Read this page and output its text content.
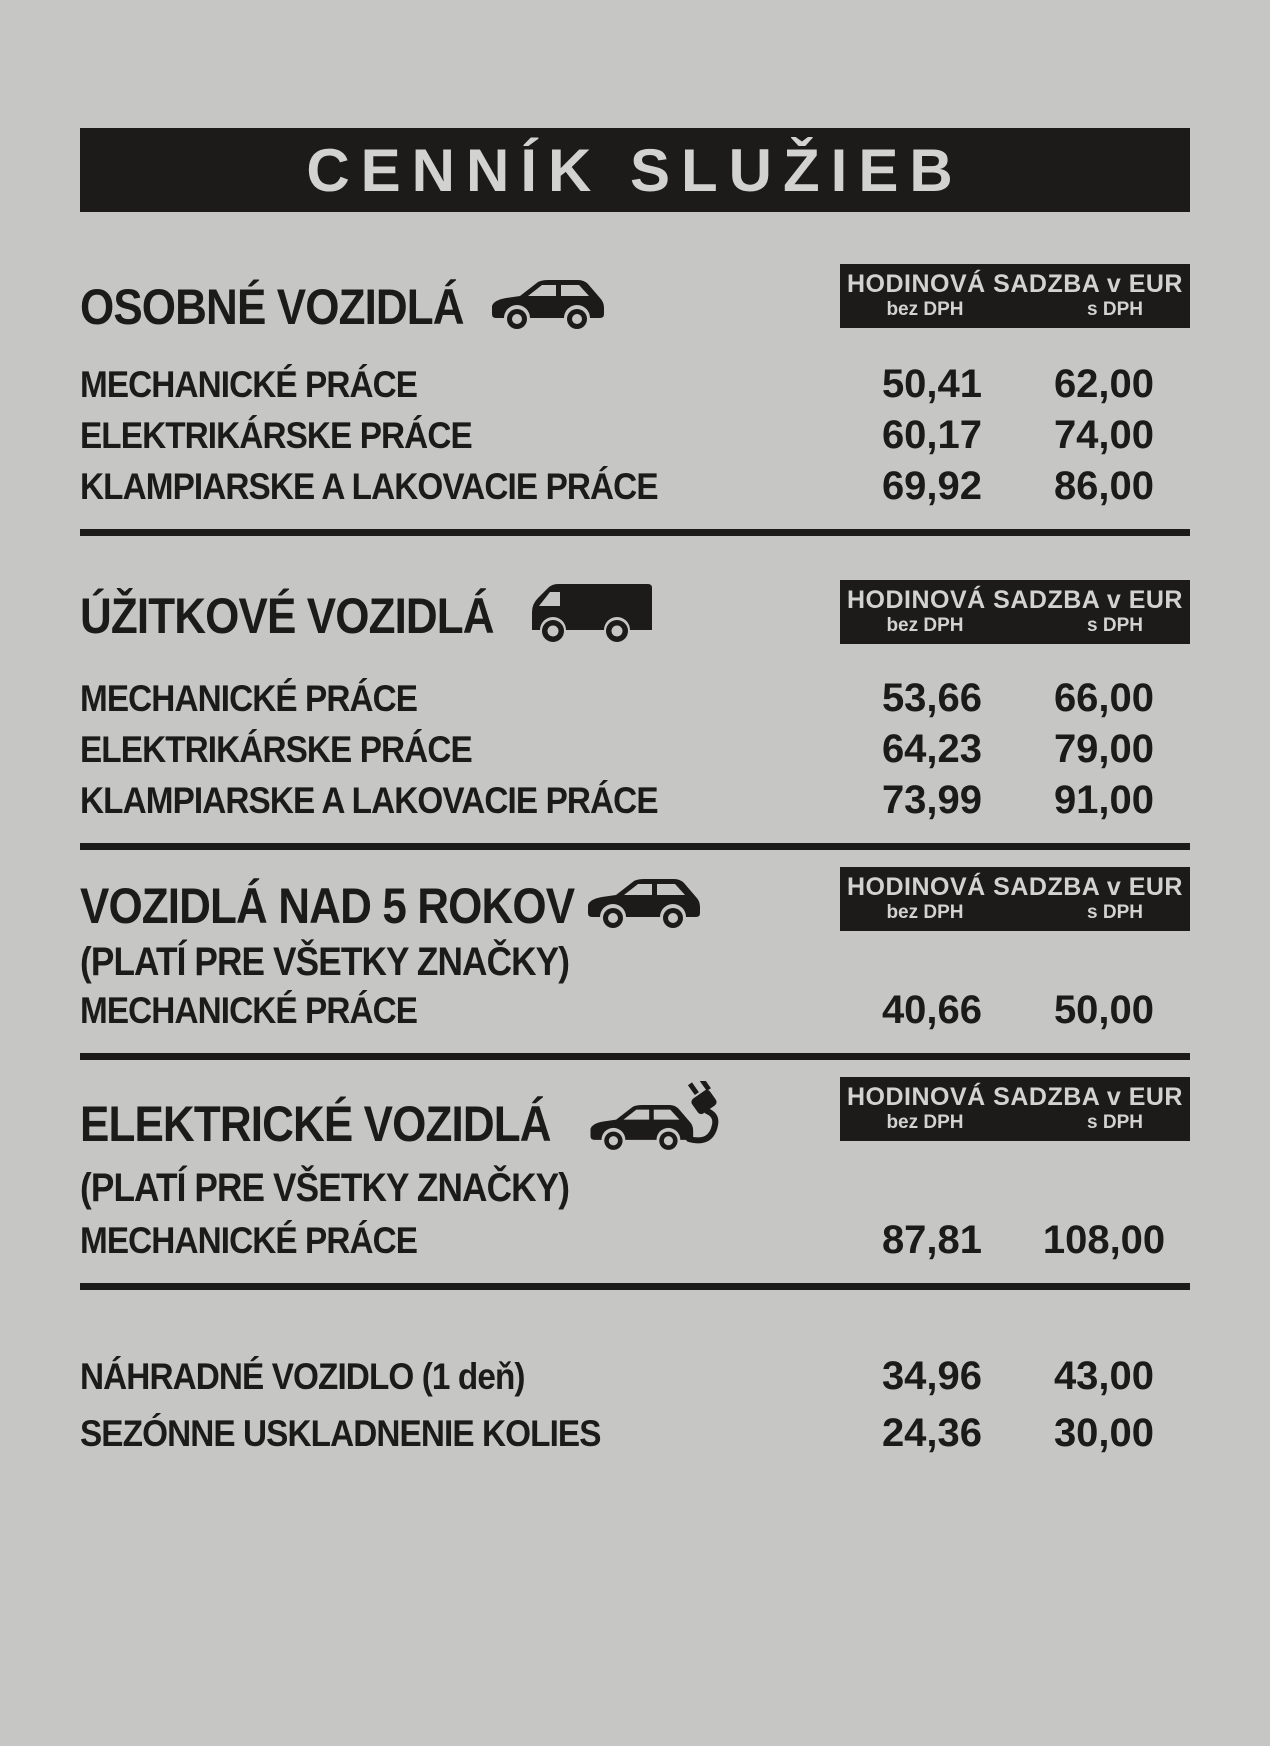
CENNÍK SLUŽIEB
OSOBNÉ VOZIDLÁ	HODINOVÁ SADZBA v EUR
bez DPH	s DPH
MECHANICKÉ PRÁCE	50,41	62,00
ELEKTRIKÁRSKE PRÁCE	60,17	74,00
KLAMPIARSKE A LAKOVACIE PRÁCE	69,92	86,00
ÚŽITKOVÉ VOZIDLÁ	HODINOVÁ SADZBA v EUR
bez DPH	s DPH
MECHANICKÉ PRÁCE	53,66	66,00
ELEKTRIKÁRSKE PRÁCE	64,23	79,00
KLAMPIARSKE A LAKOVACIE PRÁCE	73,99	91,00
VOZIDLÁ NAD 5 ROKOV
(PLATÍ PRE VŠETKY ZNAČKY)
HODINOVÁ SADZBA v EUR
bez DPH	s DPH
MECHANICKÉ PRÁCE	40,66	50,00
ELEKTRICKÉ VOZIDLÁ
(PLATÍ PRE VŠETKY ZNAČKY)
HODINOVÁ SADZBA v EUR
bez DPH	s DPH
MECHANICKÉ PRÁCE	87,81	108,00
NÁHRADNÉ VOZIDLO (1 deň)	34,96	43,00
SEZÓNNE USKLADNENIE KOLIES	24,36	30,00
